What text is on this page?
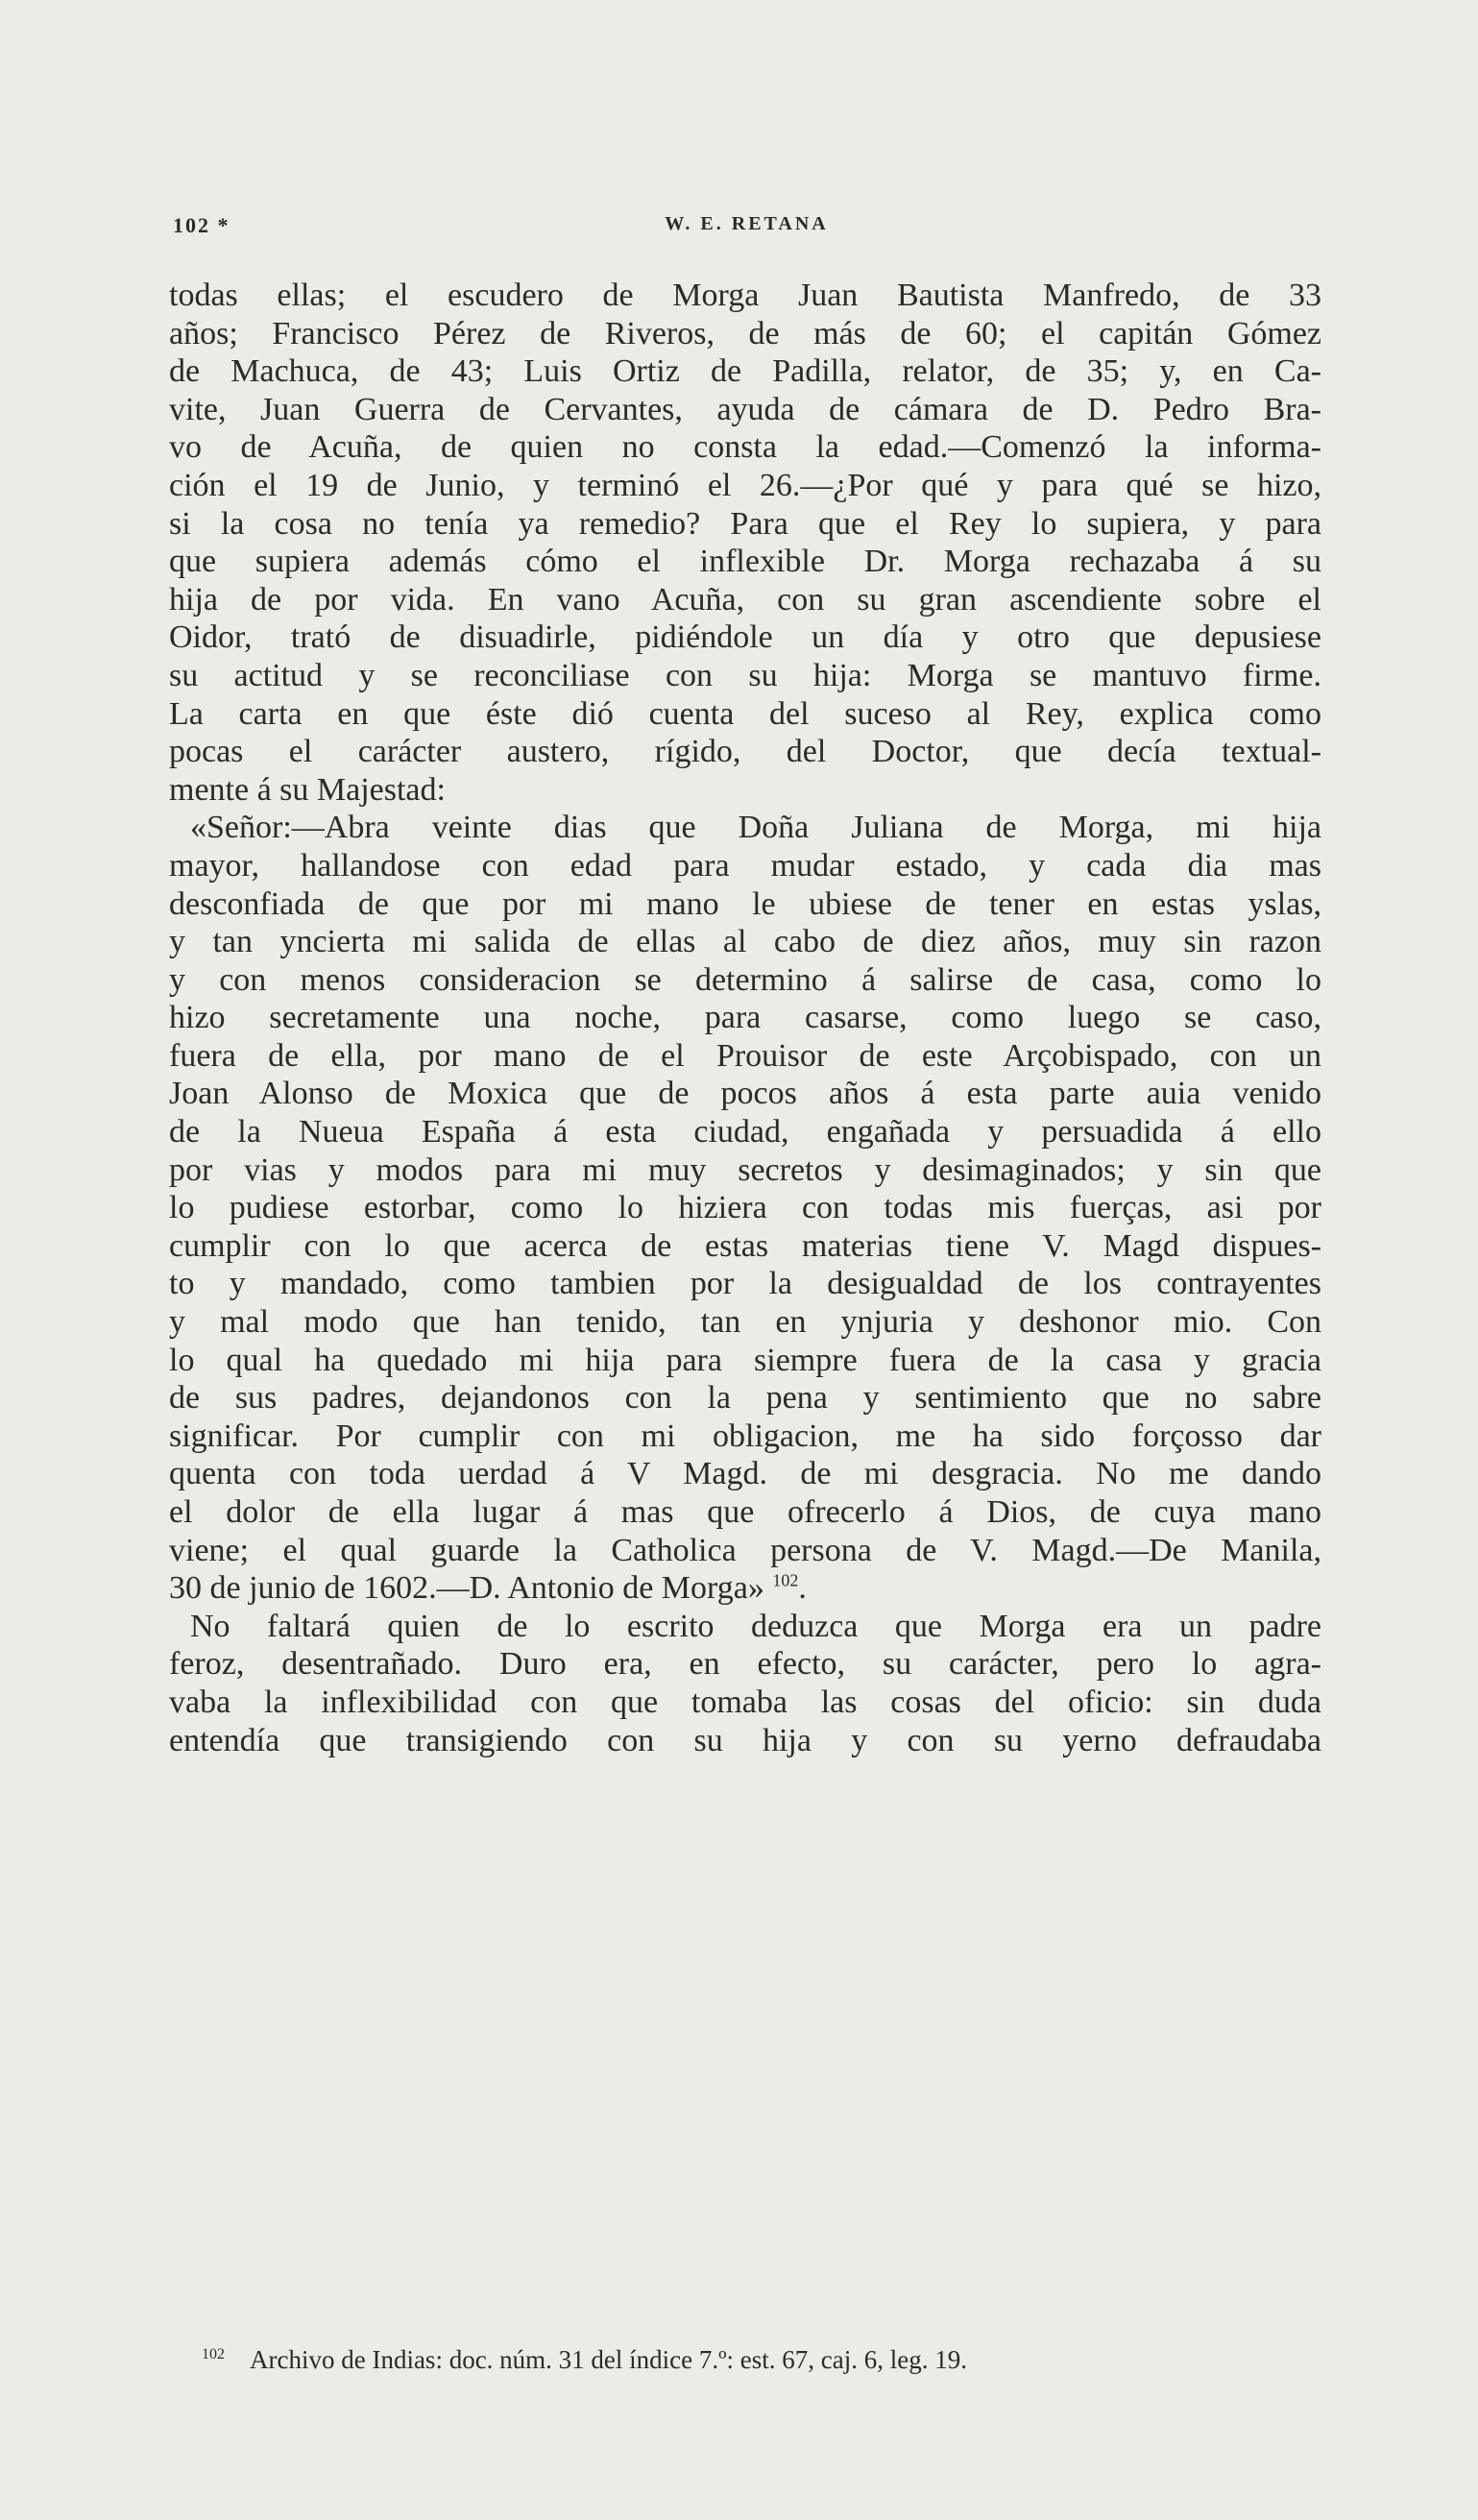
102 *	W. E. RETANA
todas ellas; el escudero de Morga Juan Bautista Manfredo, de 33
años; Francisco Pérez de Riveros, de más de 60; el capitán Gómez
de Machuca, de 43; Luis Ortiz de Padilla, relator, de 35; y, en Ca-
vite, Juan Guerra de Cervantes, ayuda de cámara de D. Pedro Bra-
vo de Acuña, de quien no consta la edad.—Comenzó la informa-
ción el 19 de Junio, y terminó el 26.—¿Por qué y para qué se hizo,
si la cosa no tenía ya remedio? Para que el Rey lo supiera, y para
que supiera además cómo el inflexible Dr. Morga rechazaba á su
hija de por vida. En vano Acuña, con su gran ascendiente sobre el
Oidor, trató de disuadirle, pidiéndole un día y otro que depusiese
su actitud y se reconciliase con su hija: Morga se mantuvo firme.
La carta en que éste dió cuenta del suceso al Rey, explica como
pocas el carácter austero, rígido, del Doctor, que decía textual-
mente á su Majestad:
«Señor:—Abra veinte dias que Doña Juliana de Morga, mi hija
mayor, hallandose con edad para mudar estado, y cada dia mas
desconfiada de que por mi mano le ubiese de tener en estas yslas,
y tan yncierta mi salida de ellas al cabo de diez años, muy sin razon
y con menos consideracion se determino á salirse de casa, como lo
hizo secretamente una noche, para casarse, como luego se caso,
fuera de ella, por mano de el Prouisor de este Arçobispado, con un
Joan Alonso de Moxica que de pocos años á esta parte auia venido
de la Nueua España á esta ciudad, engañada y persuadida á ello
por vias y modos para mi muy secretos y desimaginados; y sin que
lo pudiese estorbar, como lo hiziera con todas mis fuerças, asi por
cumplir con lo que acerca de estas materias tiene V. Magd dispues-
to y mandado, como tambien por la desigualdad de los contrayentes
y mal modo que han tenido, tan en ynjuria y deshonor mio. Con
lo qual ha quedado mi hija para siempre fuera de la casa y gracia
de sus padres, dejandonos con la pena y sentimiento que no sabre
significar. Por cumplir con mi obligacion, me ha sido forçosso dar
quenta con toda uerdad á V Magd. de mi desgracia. No me dando
el dolor de ella lugar á mas que ofrecerlo á Dios, de cuya mano
viene; el qual guarde la Catholica persona de V. Magd.—De Manila,
30 de junio de 1602.—D. Antonio de Morga» $^{102}$.
No faltará quien de lo escrito deduzca que Morga era un padre
feroz, desentrañado. Duro era, en efecto, su carácter, pero lo agra-
vaba la inflexibilidad con que tomaba las cosas del oficio: sin duda
entendía que transigiendo con su hija y con su yerno defraudaba
$^{102}$ Archivo de Indias: doc. núm. 31 del índice 7.º: est. 67, caj. 6, leg. 19.
